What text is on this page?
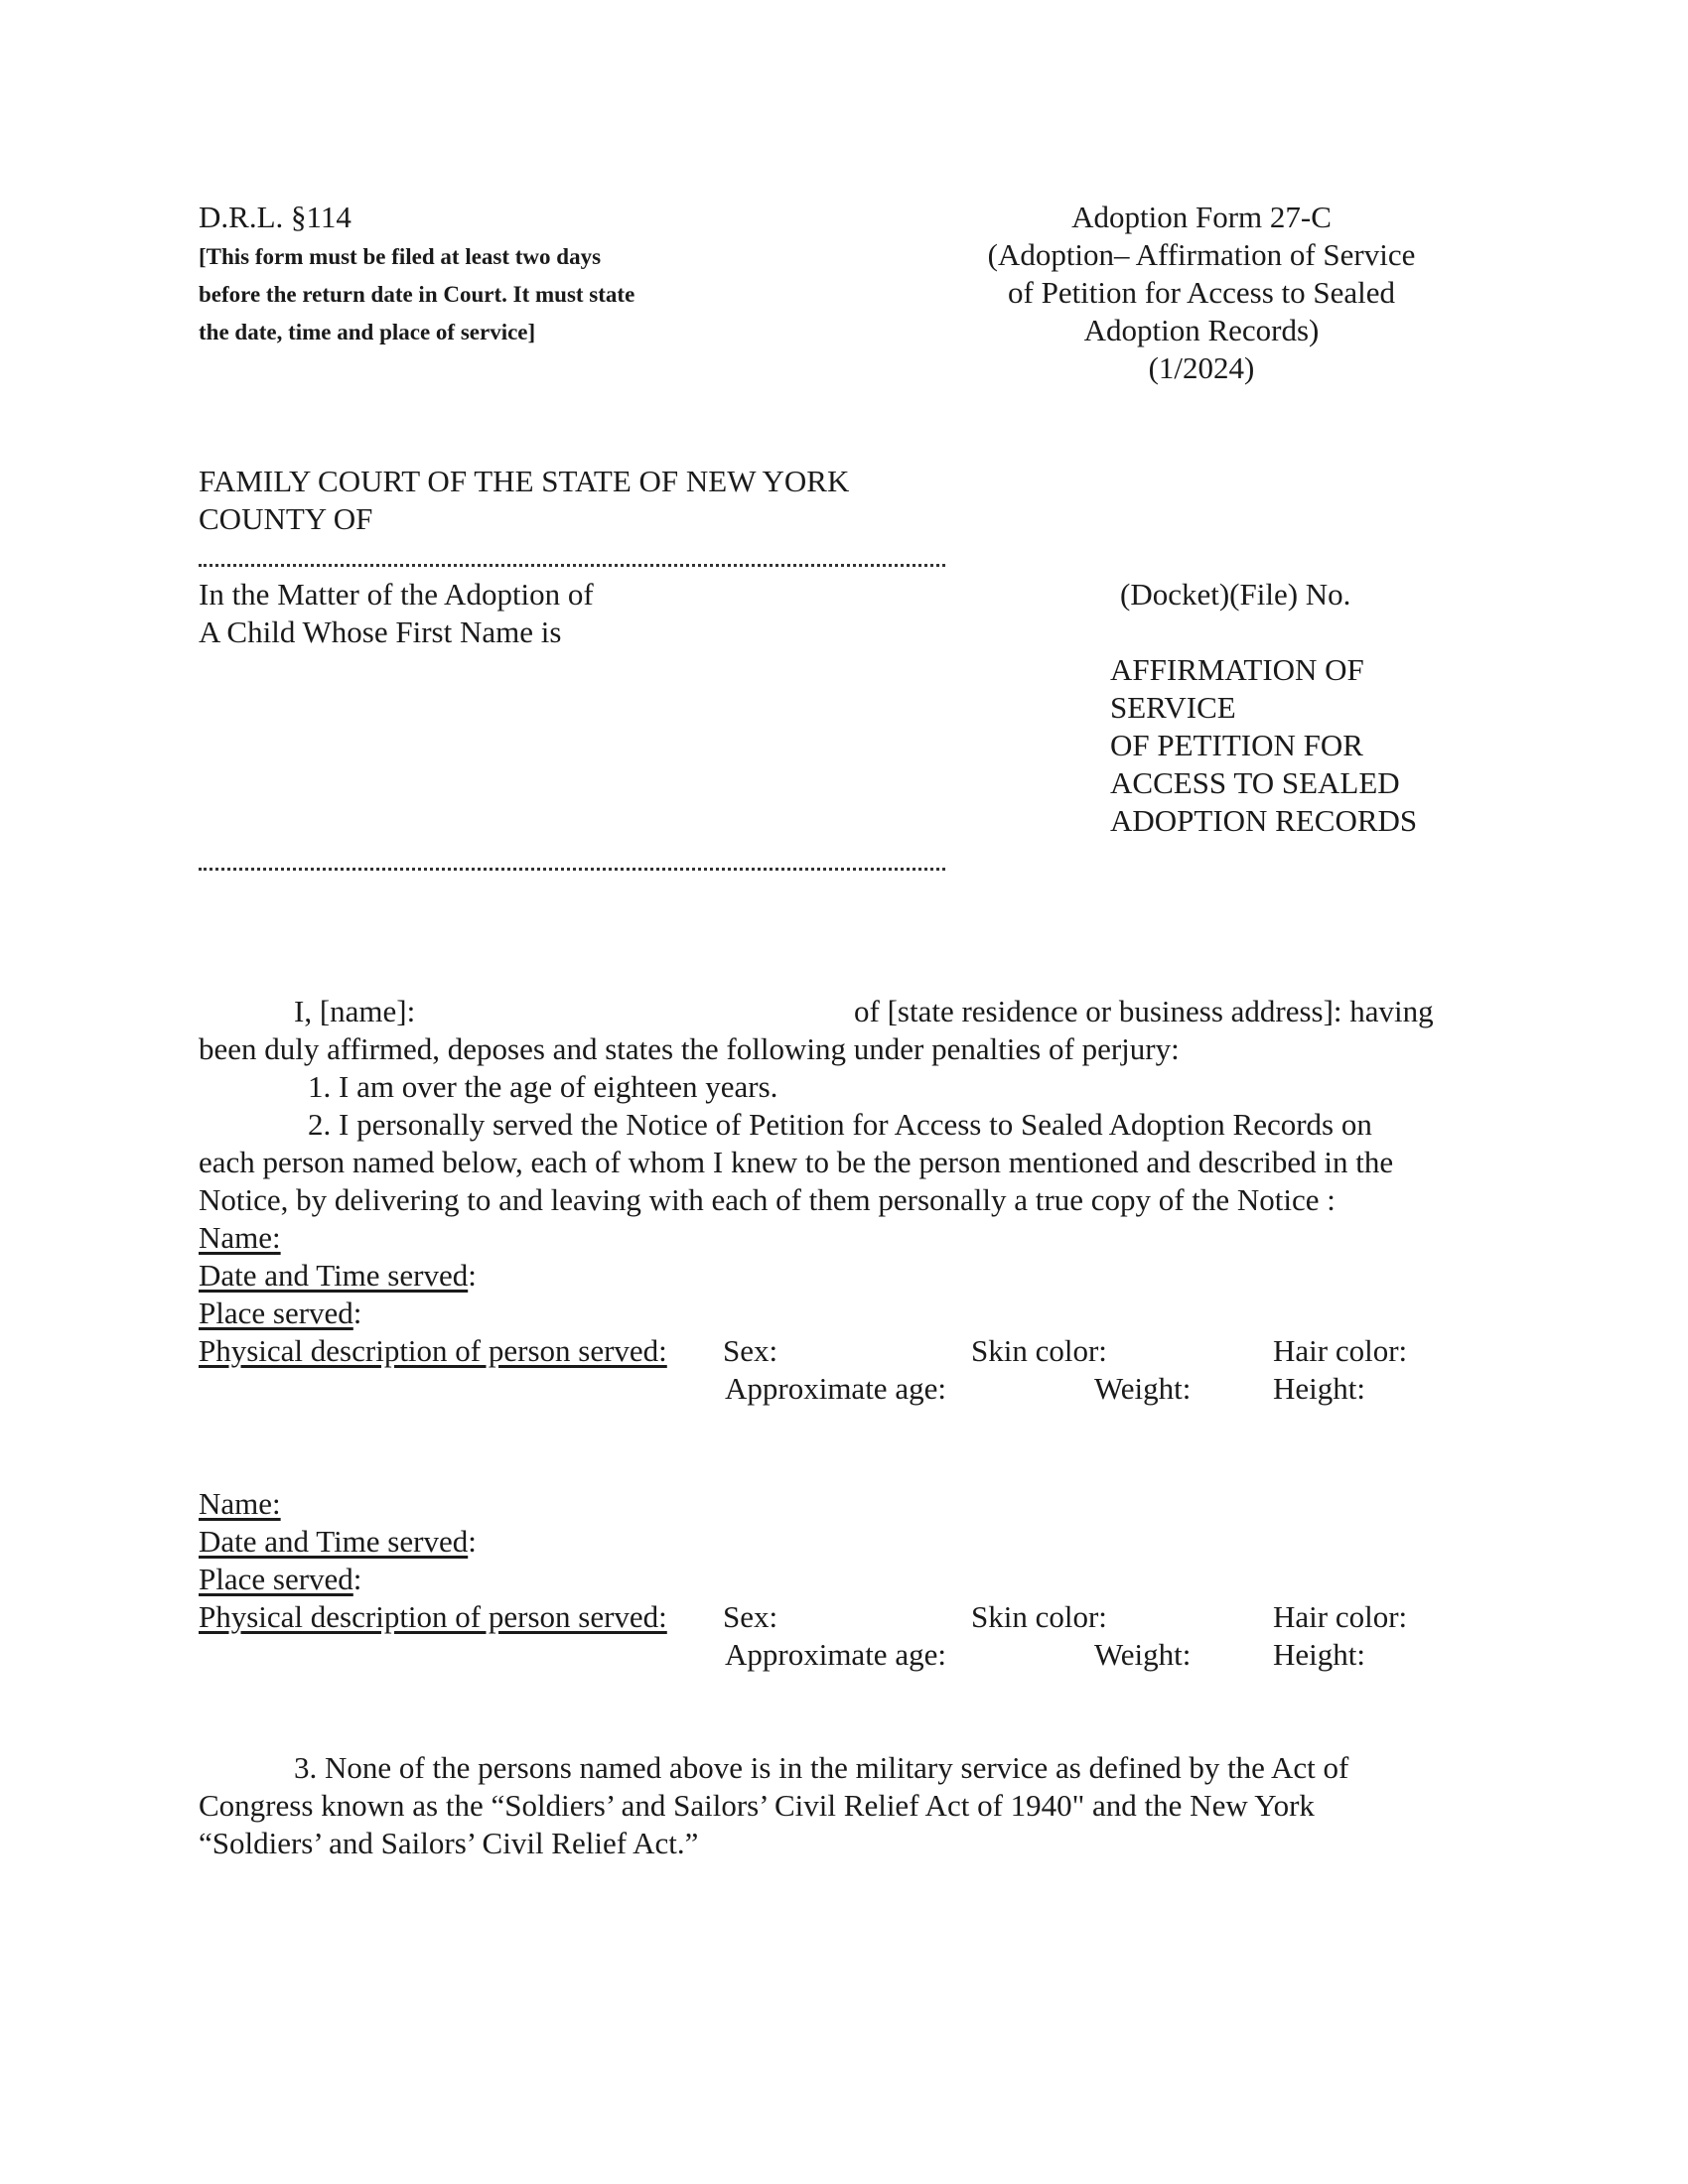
D.R.L. §114
[This form must be filed at least two days
before the return date in Court. It must state
the date, time and place of service]
Adoption Form 27-C
(Adoption– Affirmation of Service
of Petition for Access to Sealed
Adoption Records)
(1/2024)
FAMILY COURT OF THE STATE OF NEW YORK
COUNTY OF
In the Matter of the Adoption of
A Child Whose First Name is
(Docket)(File) No.
AFFIRMATION OF
SERVICE
OF PETITION FOR
ACCESS TO SEALED
ADOPTION RECORDS
I, [name]:	of [state residence or business address]: having
been duly affirmed, deposes and states the following under penalties of perjury:
1. I am over the age of eighteen years.
2. I personally served the Notice of Petition for Access to Sealed Adoption Records on
each person named below, each of whom I knew to be the person mentioned and described in the
Notice, by delivering to and leaving with each of them personally a true copy of the Notice :
Name:
Date and Time served:
Place served:
Physical description of person served: Sex:	Skin color:	Hair color:
Approximate age:	Weight:	Height:
Name:
Date and Time served:
Place served:
Physical description of person served: Sex:	Skin color:	Hair color:
Approximate age:	Weight:	Height:
3. None of the persons named above is in the military service as defined by the Act of
Congress known as the “Soldiers’ and Sailors’ Civil Relief Act of 1940" and the New York
“Soldiers’ and Sailors’ Civil Relief Act.”
